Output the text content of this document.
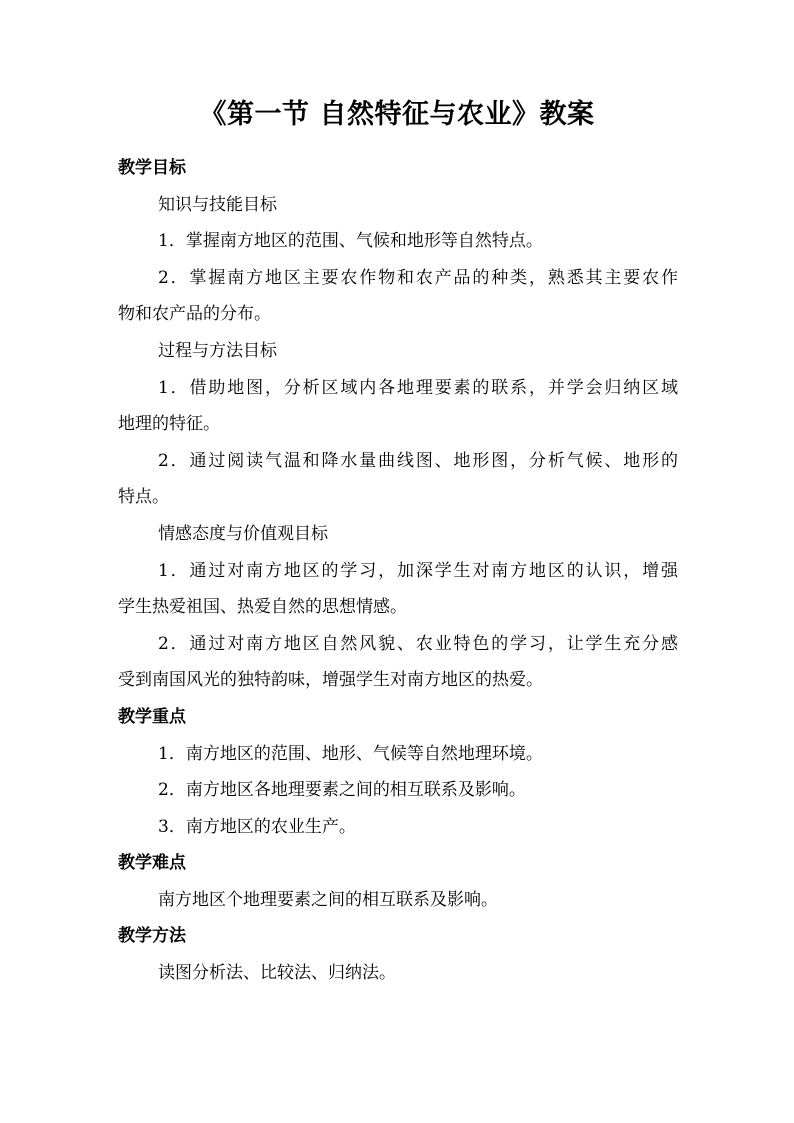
《第一节 自然特征与农业》教案

教学目标

知识与技能目标

1．掌握南方地区的范围、气候和地形等自然特点。

2．掌握南方地区主要农作物和农产品的种类，熟悉其主要农作
物和农产品的分布。

过程与方法目标

1．借助地图，分析区域内各地理要素的联系，并学会归纳区域
地理的特征。

2．通过阅读气温和降水量曲线图、地形图，分析气候、地形的
特点。

情感态度与价值观目标

1．通过对南方地区的学习，加深学生对南方地区的认识，增强
学生热爱祖国、热爱自然的思想情感。

2．通过对南方地区自然风貌、农业特色的学习，让学生充分感
受到南国风光的独特韵味，增强学生对南方地区的热爱。

教学重点

1．南方地区的范围、地形、气候等自然地理环境。

2．南方地区各地理要素之间的相互联系及影响。

3．南方地区的农业生产。

教学难点

南方地区个地理要素之间的相互联系及影响。

教学方法

读图分析法、比较法、归纳法。
